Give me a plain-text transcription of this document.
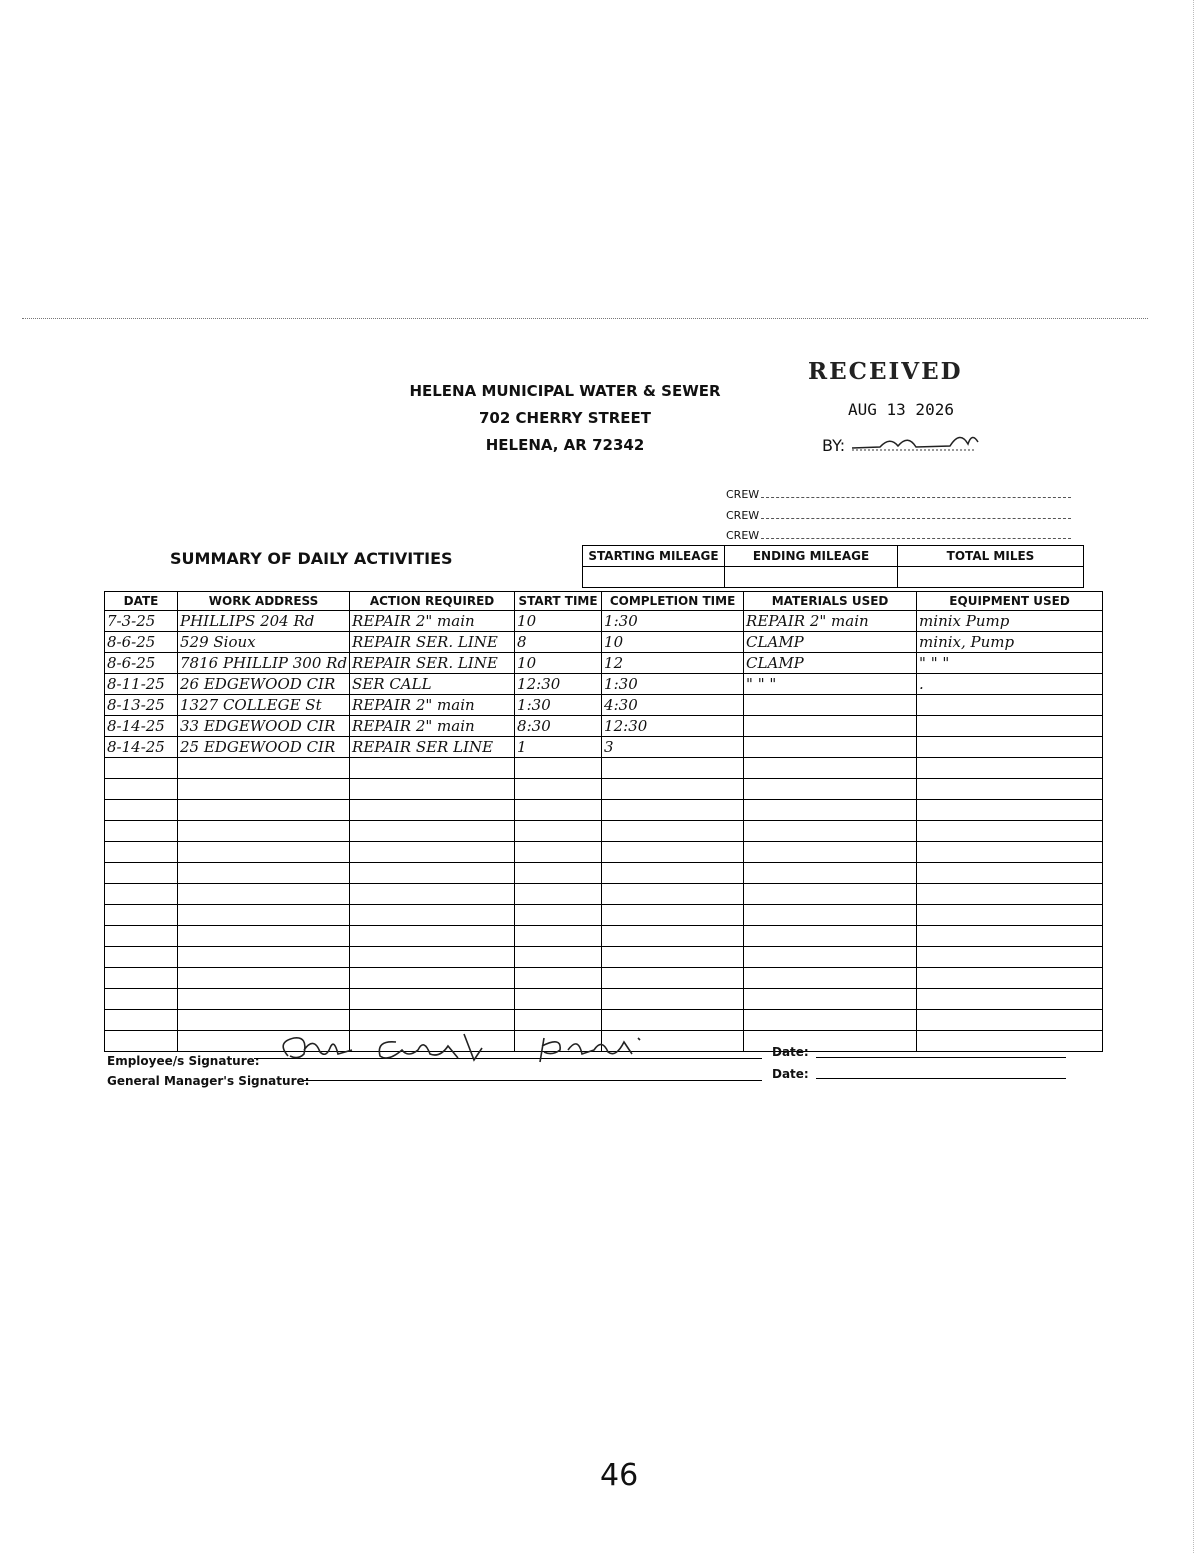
HELENA MUNICIPAL WATER & SEWER
702 CHERRY STREET
HELENA, AR 72342
RECEIVED
AUG 13 2026
BY:
CREW
CREW
CREW
SUMMARY OF DAILY ACTIVITIES	STARTING MILEAGE	ENDING MILEAGE	TOTAL MILES

DATE	WORK ADDRESS	ACTION REQUIRED	START TIME	COMPLETION TIME	MATERIALS USED	EQUIPMENT USED
7-3-25	PHILLIPS 204 Rd	REPAIR 2" main	10	1:30	REPAIR 2" main	minix Pump
8-6-25	529 Sioux	REPAIR SER. LINE	8	10	CLAMP	minix, Pump
8-6-25	7816 PHILLIP 300 Rd	REPAIR SER. LINE	10	12	CLAMP	" " "
8-11-25	26 EDGEWOOD CIR	SER CALL	12:30	1:30	" " "	.
8-13-25	1327 COLLEGE St	REPAIR 2" main	1:30	4:30		
8-14-25	33 EDGEWOOD CIR	REPAIR 2" main	8:30	12:30		
8-14-25	25 EDGEWOOD CIR	REPAIR SER LINE	1	3		

Employee/s Signature:
General Manager's Signature:
Date:
Date:
46
